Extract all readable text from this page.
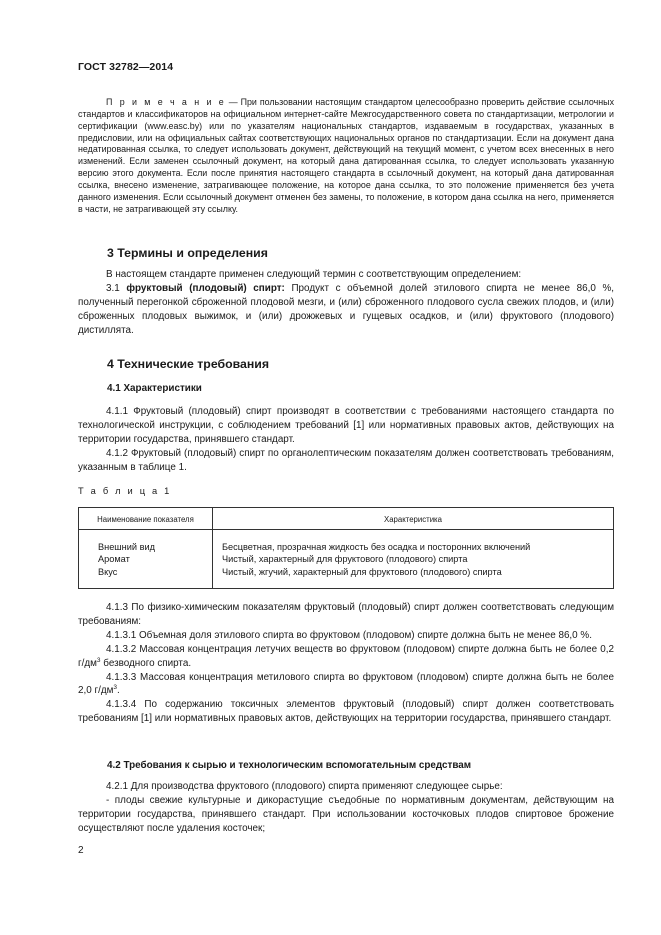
ГОСТ 32782—2014
П р и м е ч а н и е — При пользовании настоящим стандартом целесообразно проверить действие ссылочных стандартов и классификаторов на официальном интернет-сайте Межгосударственного совета по стандартизации, метрологии и сертификации (www.easc.by) или по указателям национальных стандартов, издаваемым в государствах, указанных в предисловии, или на официальных сайтах соответствующих национальных органов по стандартизации. Если на документ дана недатированная ссылка, то следует использовать документ, действующий на текущий момент, с учетом всех внесенных в него изменений. Если заменен ссылочный документ, на который дана датированная ссылка, то следует использовать указанную версию этого документа. Если после принятия настоящего стандарта в ссылочный документ, на который дана датированная ссылка, внесено изменение, затрагивающее положение, на которое дана ссылка, то это положение применяется без учета данного изменения. Если ссылочный документ отменен без замены, то положение, в котором дана ссылка на него, применяется в части, не затрагивающей эту ссылку.
3 Термины и определения

В настоящем стандарте применен следующий термин с соответствующим определением:

3.1 фруктовый (плодовый) спирт: Продукт с объемной долей этилового спирта не менее 86,0 %, полученный перегонкой сброженной плодовой мезги, и (или) сброженного плодового сусла свежих плодов, и (или) сброженных плодовых выжимок, и (или) дрожжевых и гущевых осадков, и (или) фруктового (плодового) дистиллята.

4 Технические требования
4.1 Характеристики

4.1.1 Фруктовый (плодовый) спирт производят в соответствии с требованиями настоящего стандарта по технологической инструкции, с соблюдением требований [1] или нормативных правовых актов, действующих на территории государства, принявшего стандарт.

4.1.2 Фруктовый (плодовый) спирт по органолептическим показателям должен соответствовать требованиям, указанным в таблице 1.

Т а б л и ц а 1
Наименование показателя	Характеристика
Внешний вид
Аромат
Вкус
Бесцветная, прозрачная жидкость без осадка и посторонних включений
Чистый, характерный для фруктового (плодового) спирта
Чистый, жгучий, характерный для фруктового (плодового) спирта

4.1.3 По физико-химическим показателям фруктовый (плодовый) спирт должен соответствовать следующим требованиям:

4.1.3.1 Объемная доля этилового спирта во фруктовом (плодовом) спирте должна быть не менее 86,0 %.

4.1.3.2 Массовая концентрация летучих веществ во фруктовом (плодовом) спирте должна быть не более 0,2 $г/дм^3$ безводного спирта.

4.1.3.3 Массовая концентрация метилового спирта во фруктовом (плодовом) спирте должна быть не более 2,0 $г/дм^3$.

4.1.3.4 По содержанию токсичных элементов фруктовый (плодовый) спирт должен соответствовать требованиям [1] или нормативных правовых актов, действующих на территории государства, принявшего стандарт.

4.2 Требования к сырью и технологическим вспомогательным средствам

4.2.1 Для производства фруктового (плодового) спирта применяют следующее сырье:

- плоды свежие культурные и дикорастущие съедобные по нормативным документам, действующим на территории государства, принявшего стандарт. При использовании косточковых плодов спиртовое брожение осуществляют после удаления косточек;

2
